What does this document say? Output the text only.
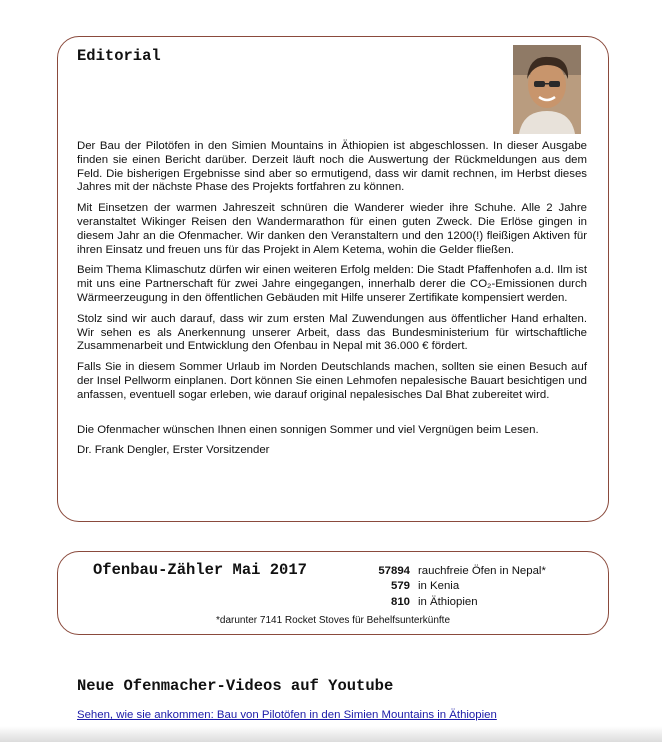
Editorial

Der Bau der Pilotöfen in den Simien Mountains in Äthiopien ist abgeschlossen. In dieser Ausgabe finden sie einen Bericht darüber. Derzeit läuft noch die Auswertung der Rückmeldungen aus dem Feld. Die bisherigen Ergebnisse sind aber so ermutigend, dass wir damit rechnen, im Herbst dieses Jahres mit der nächste Phase des Projekts fortfahren zu können.

Mit Einsetzen der warmen Jahreszeit schnüren die Wanderer wieder ihre Schuhe. Alle 2 Jahre veranstaltet Wikinger Reisen den Wandermarathon für einen guten Zweck. Die Erlöse gingen in diesem Jahr an die Ofenmacher. Wir danken den Veranstaltern und den 1200(!) fleißigen Aktiven für ihren Einsatz und freuen uns für das Projekt in Alem Ketema, wohin die Gelder fließen.

Beim Thema Klimaschutz dürfen wir einen weiteren Erfolg melden: Die Stadt Pfaffenhofen a.d. Ilm ist mit uns eine Partnerschaft für zwei Jahre eingegangen, innerhalb derer die CO₂-Emissionen durch Wärmeerzeugung in den öffentlichen Gebäuden mit Hilfe unserer Zertifikate kompensiert werden.

Stolz sind wir auch darauf, dass wir zum ersten Mal Zuwendungen aus öffentlicher Hand erhalten. Wir sehen es als Anerkennung unserer Arbeit, dass das Bundesministerium für wirtschaftliche Zusammenarbeit und Entwicklung den Ofenbau in Nepal mit 36.000 € fördert.

Falls Sie in diesem Sommer Urlaub im Norden Deutschlands machen, sollten sie einen Besuch auf der Insel Pellworm einplanen. Dort können Sie einen Lehmofen nepalesische Bauart besichtigen und anfassen, eventuell sogar erleben, wie darauf original nepalesisches Dal Bhat zubereitet wird.

Die Ofenmacher wünschen Ihnen einen sonnigen Sommer und viel Vergnügen beim Lesen.

Dr. Frank Dengler, Erster Vorsitzender

Ofenbau-Zähler Mai 2017	57894 rauchfreie Öfen in Nepal*
579 in Kenia
810 in Äthiopien
*darunter 7141 Rocket Stoves für Behelfsunterkünfte
Neue Ofenmacher-Videos auf Youtube
Sehen, wie sie ankommen: Bau von Pilotöfen in den Simien Mountains in Äthiopien
